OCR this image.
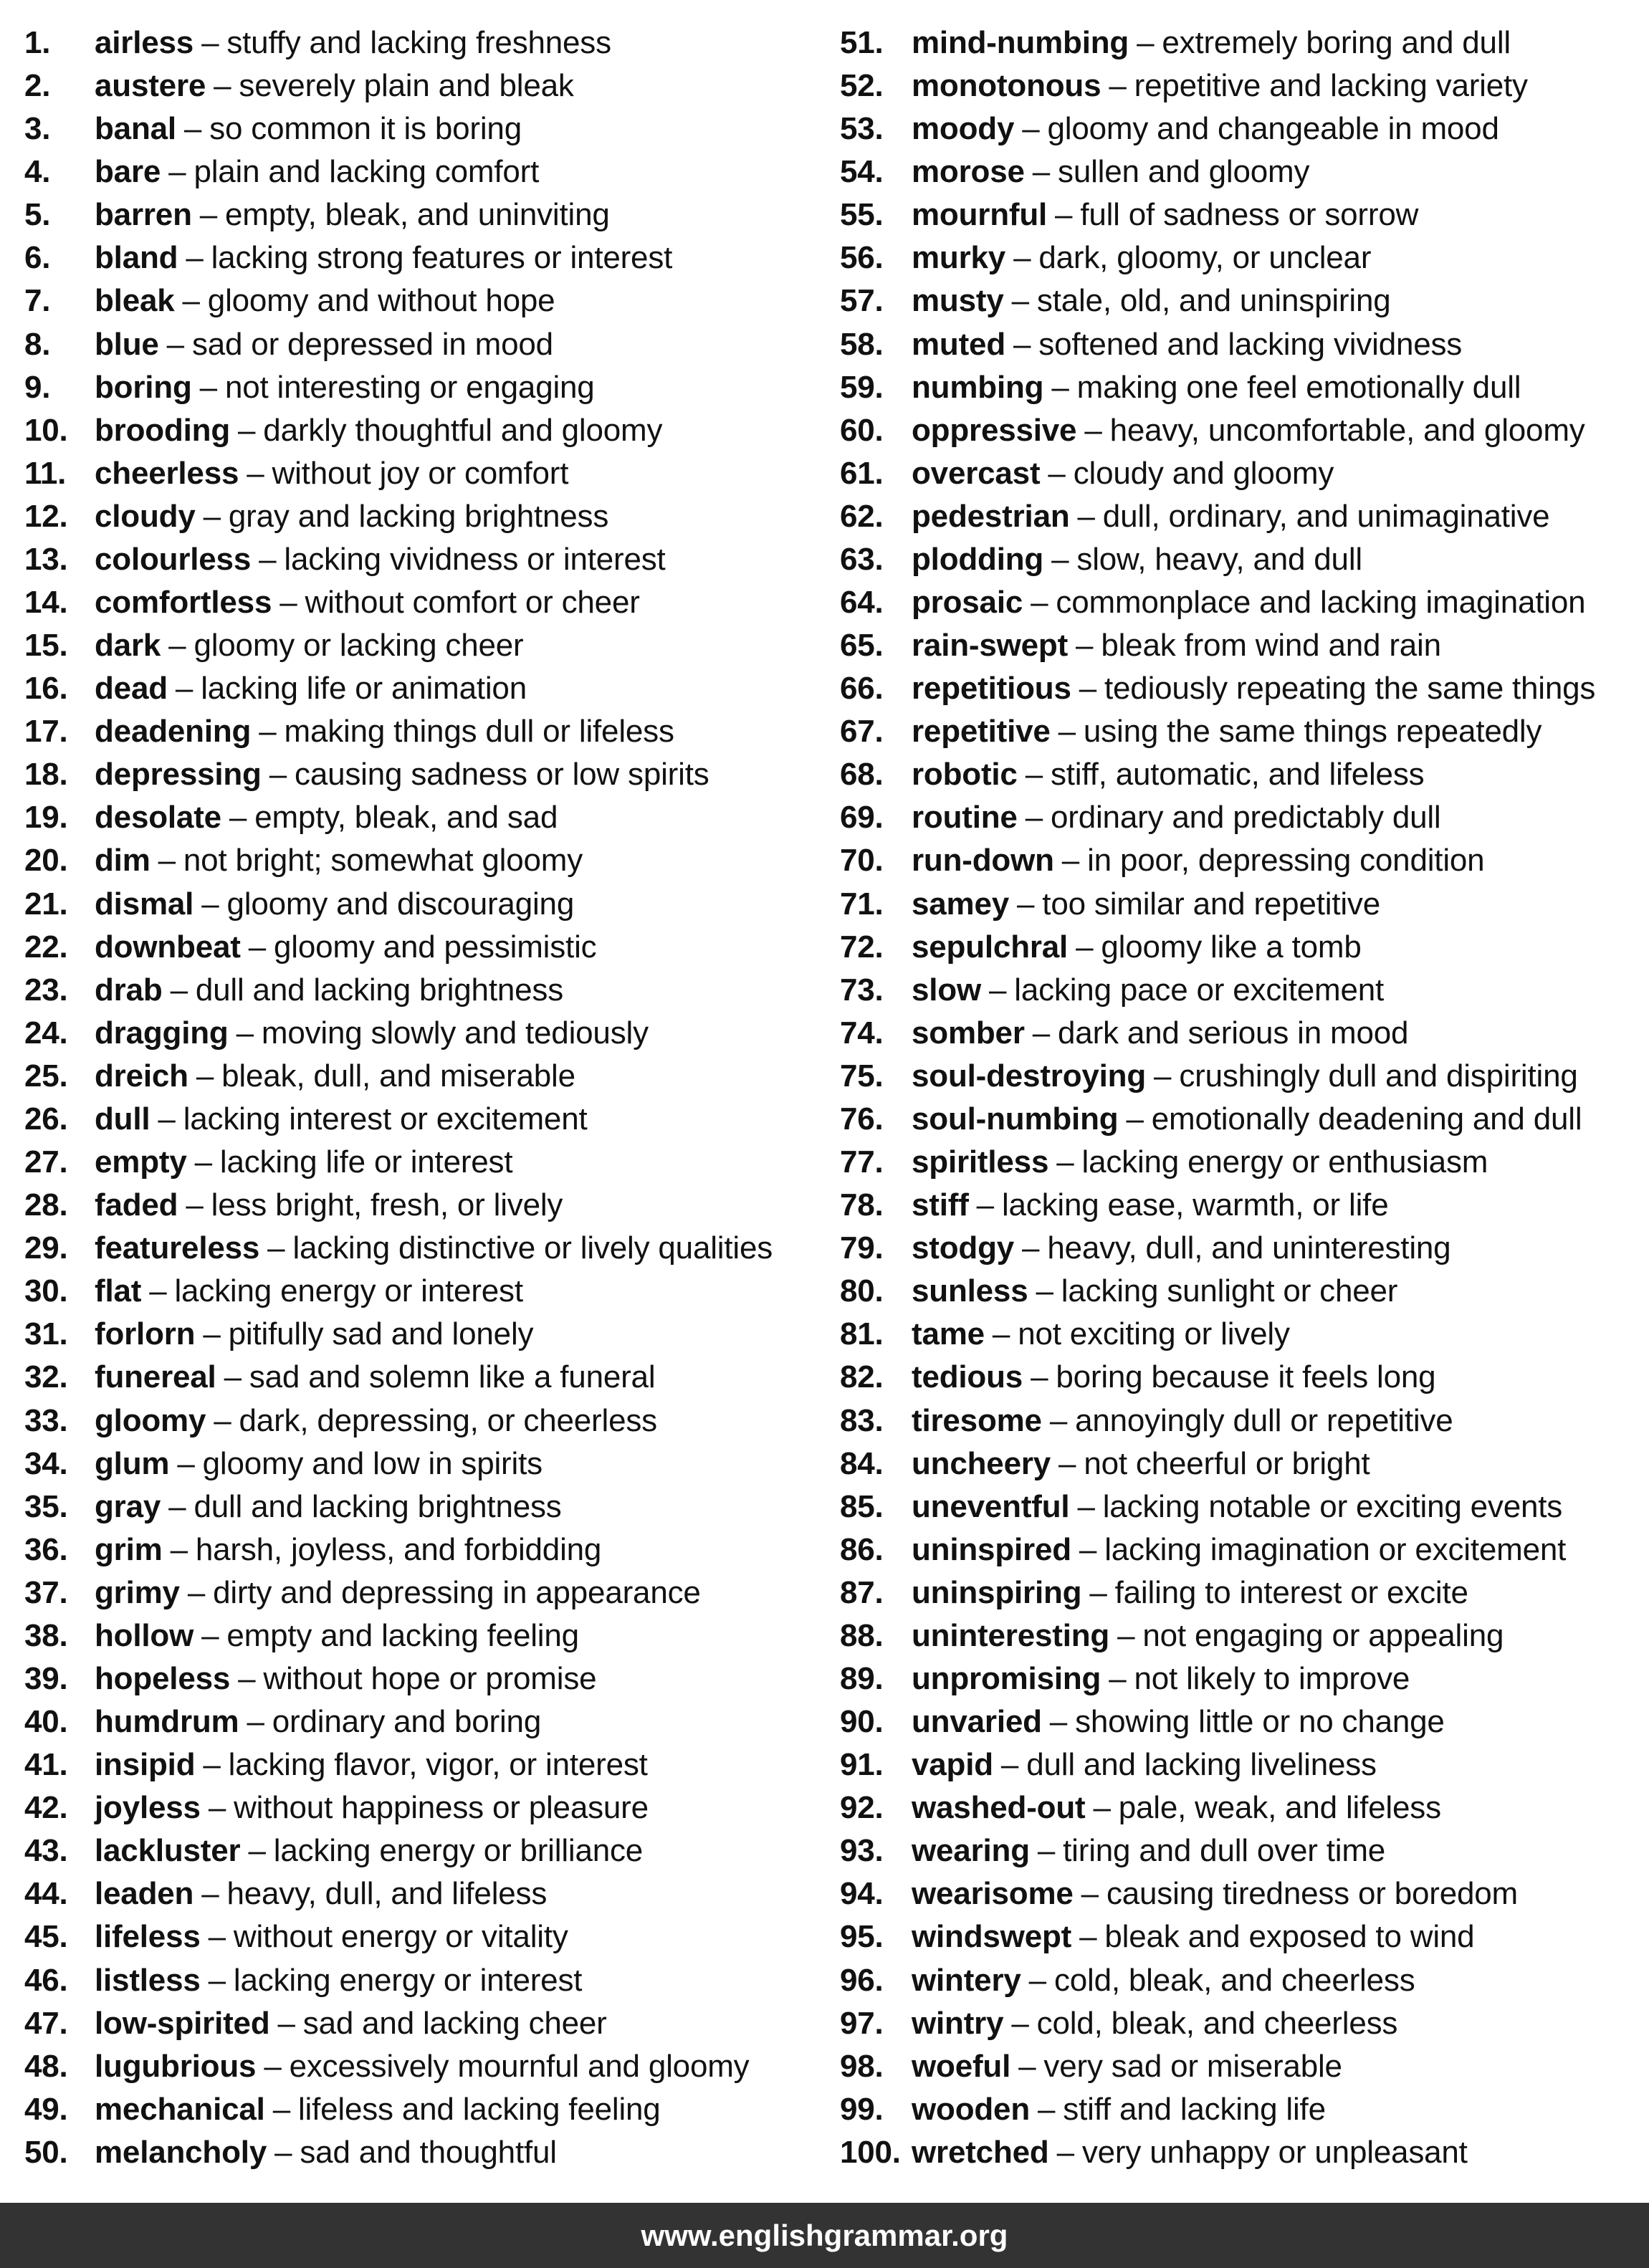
1. airless – stuffy and lacking freshness
2. austere – severely plain and bleak
3. banal – so common it is boring
4. bare – plain and lacking comfort
5. barren – empty, bleak, and uninviting
6. bland – lacking strong features or interest
7. bleak – gloomy and without hope
8. blue – sad or depressed in mood
9. boring – not interesting or engaging
10. brooding – darkly thoughtful and gloomy
11. cheerless – without joy or comfort
12. cloudy – gray and lacking brightness
13. colourless – lacking vividness or interest
14. comfortless – without comfort or cheer
15. dark – gloomy or lacking cheer
16. dead – lacking life or animation
17. deadening – making things dull or lifeless
18. depressing – causing sadness or low spirits
19. desolate – empty, bleak, and sad
20. dim – not bright; somewhat gloomy
21. dismal – gloomy and discouraging
22. downbeat – gloomy and pessimistic
23. drab – dull and lacking brightness
24. dragging – moving slowly and tediously
25. dreich – bleak, dull, and miserable
26. dull – lacking interest or excitement
27. empty – lacking life or interest
28. faded – less bright, fresh, or lively
29. featureless – lacking distinctive or lively qualities
30. flat – lacking energy or interest
31. forlorn – pitifully sad and lonely
32. funereal – sad and solemn like a funeral
33. gloomy – dark, depressing, or cheerless
34. glum – gloomy and low in spirits
35. gray – dull and lacking brightness
36. grim – harsh, joyless, and forbidding
37. grimy – dirty and depressing in appearance
38. hollow – empty and lacking feeling
39. hopeless – without hope or promise
40. humdrum – ordinary and boring
41. insipid – lacking flavor, vigor, or interest
42. joyless – without happiness or pleasure
43. lackluster – lacking energy or brilliance
44. leaden – heavy, dull, and lifeless
45. lifeless – without energy or vitality
46. listless – lacking energy or interest
47. low-spirited – sad and lacking cheer
48. lugubrious – excessively mournful and gloomy
49. mechanical – lifeless and lacking feeling
50. melancholy – sad and thoughtful
51. mind-numbing – extremely boring and dull
52. monotonous – repetitive and lacking variety
53. moody – gloomy and changeable in mood
54. morose – sullen and gloomy
55. mournful – full of sadness or sorrow
56. murky – dark, gloomy, or unclear
57. musty – stale, old, and uninspiring
58. muted – softened and lacking vividness
59. numbing – making one feel emotionally dull
60. oppressive – heavy, uncomfortable, and gloomy
61. overcast – cloudy and gloomy
62. pedestrian – dull, ordinary, and unimaginative
63. plodding – slow, heavy, and dull
64. prosaic – commonplace and lacking imagination
65. rain-swept – bleak from wind and rain
66. repetitious – tediously repeating the same things
67. repetitive – using the same things repeatedly
68. robotic – stiff, automatic, and lifeless
69. routine – ordinary and predictably dull
70. run-down – in poor, depressing condition
71. samey – too similar and repetitive
72. sepulchral – gloomy like a tomb
73. slow – lacking pace or excitement
74. somber – dark and serious in mood
75. soul-destroying – crushingly dull and dispiriting
76. soul-numbing – emotionally deadening and dull
77. spiritless – lacking energy or enthusiasm
78. stiff – lacking ease, warmth, or life
79. stodgy – heavy, dull, and uninteresting
80. sunless – lacking sunlight or cheer
81. tame – not exciting or lively
82. tedious – boring because it feels long
83. tiresome – annoyingly dull or repetitive
84. uncheery – not cheerful or bright
85. uneventful – lacking notable or exciting events
86. uninspired – lacking imagination or excitement
87. uninspiring – failing to interest or excite
88. uninteresting – not engaging or appealing
89. unpromising – not likely to improve
90. unvaried – showing little or no change
91. vapid – dull and lacking liveliness
92. washed-out – pale, weak, and lifeless
93. wearing – tiring and dull over time
94. wearisome – causing tiredness or boredom
95. windswept – bleak and exposed to wind
96. wintery – cold, bleak, and cheerless
97. wintry – cold, bleak, and cheerless
98. woeful – very sad or miserable
99. wooden – stiff and lacking life
100. wretched – very unhappy or unpleasant
www.englishgrammar.org
